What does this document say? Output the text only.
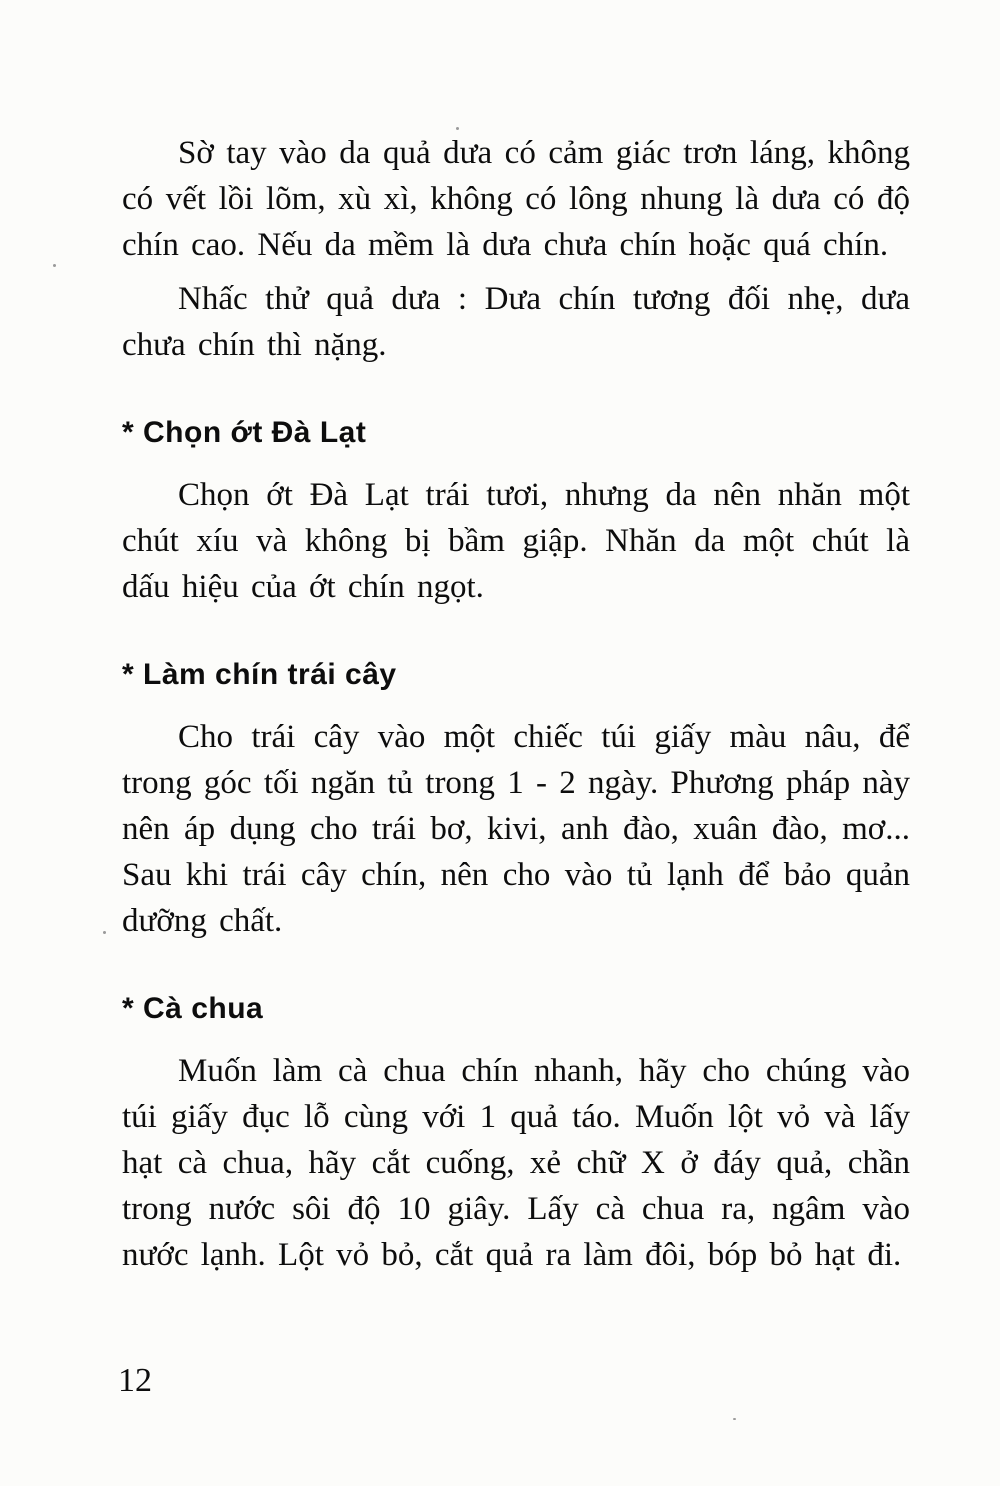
Sờ tay vào da quả dưa có cảm giác trơn láng, không có vết lồi lõm, xù xì, không có lông nhung là dưa có độ chín cao. Nếu da mềm là dưa chưa chín hoặc quá chín.

Nhấc thử quả dưa : Dưa chín tương đối nhẹ, dưa chưa chín thì nặng.

* Chọn ớt Đà Lạt

Chọn ớt Đà Lạt trái tươi, nhưng da nên nhăn một chút xíu và không bị bầm giập. Nhăn da một chút là dấu hiệu của ớt chín ngọt.

* Làm chín trái cây

Cho trái cây vào một chiếc túi giấy màu nâu, để trong góc tối ngăn tủ trong 1 - 2 ngày. Phương pháp này nên áp dụng cho trái bơ, kivi, anh đào, xuân đào, mơ... Sau khi trái cây chín, nên cho vào tủ lạnh để bảo quản dưỡng chất.

* Cà chua

Muốn làm cà chua chín nhanh, hãy cho chúng vào túi giấy đục lỗ cùng với 1 quả táo. Muốn lột vỏ và lấy hạt cà chua, hãy cắt cuống, xẻ chữ X ở đáy quả, chần trong nước sôi độ 10 giây. Lấy cà chua ra, ngâm vào nước lạnh. Lột vỏ bỏ, cắt quả ra làm đôi, bóp bỏ hạt đi.

12
